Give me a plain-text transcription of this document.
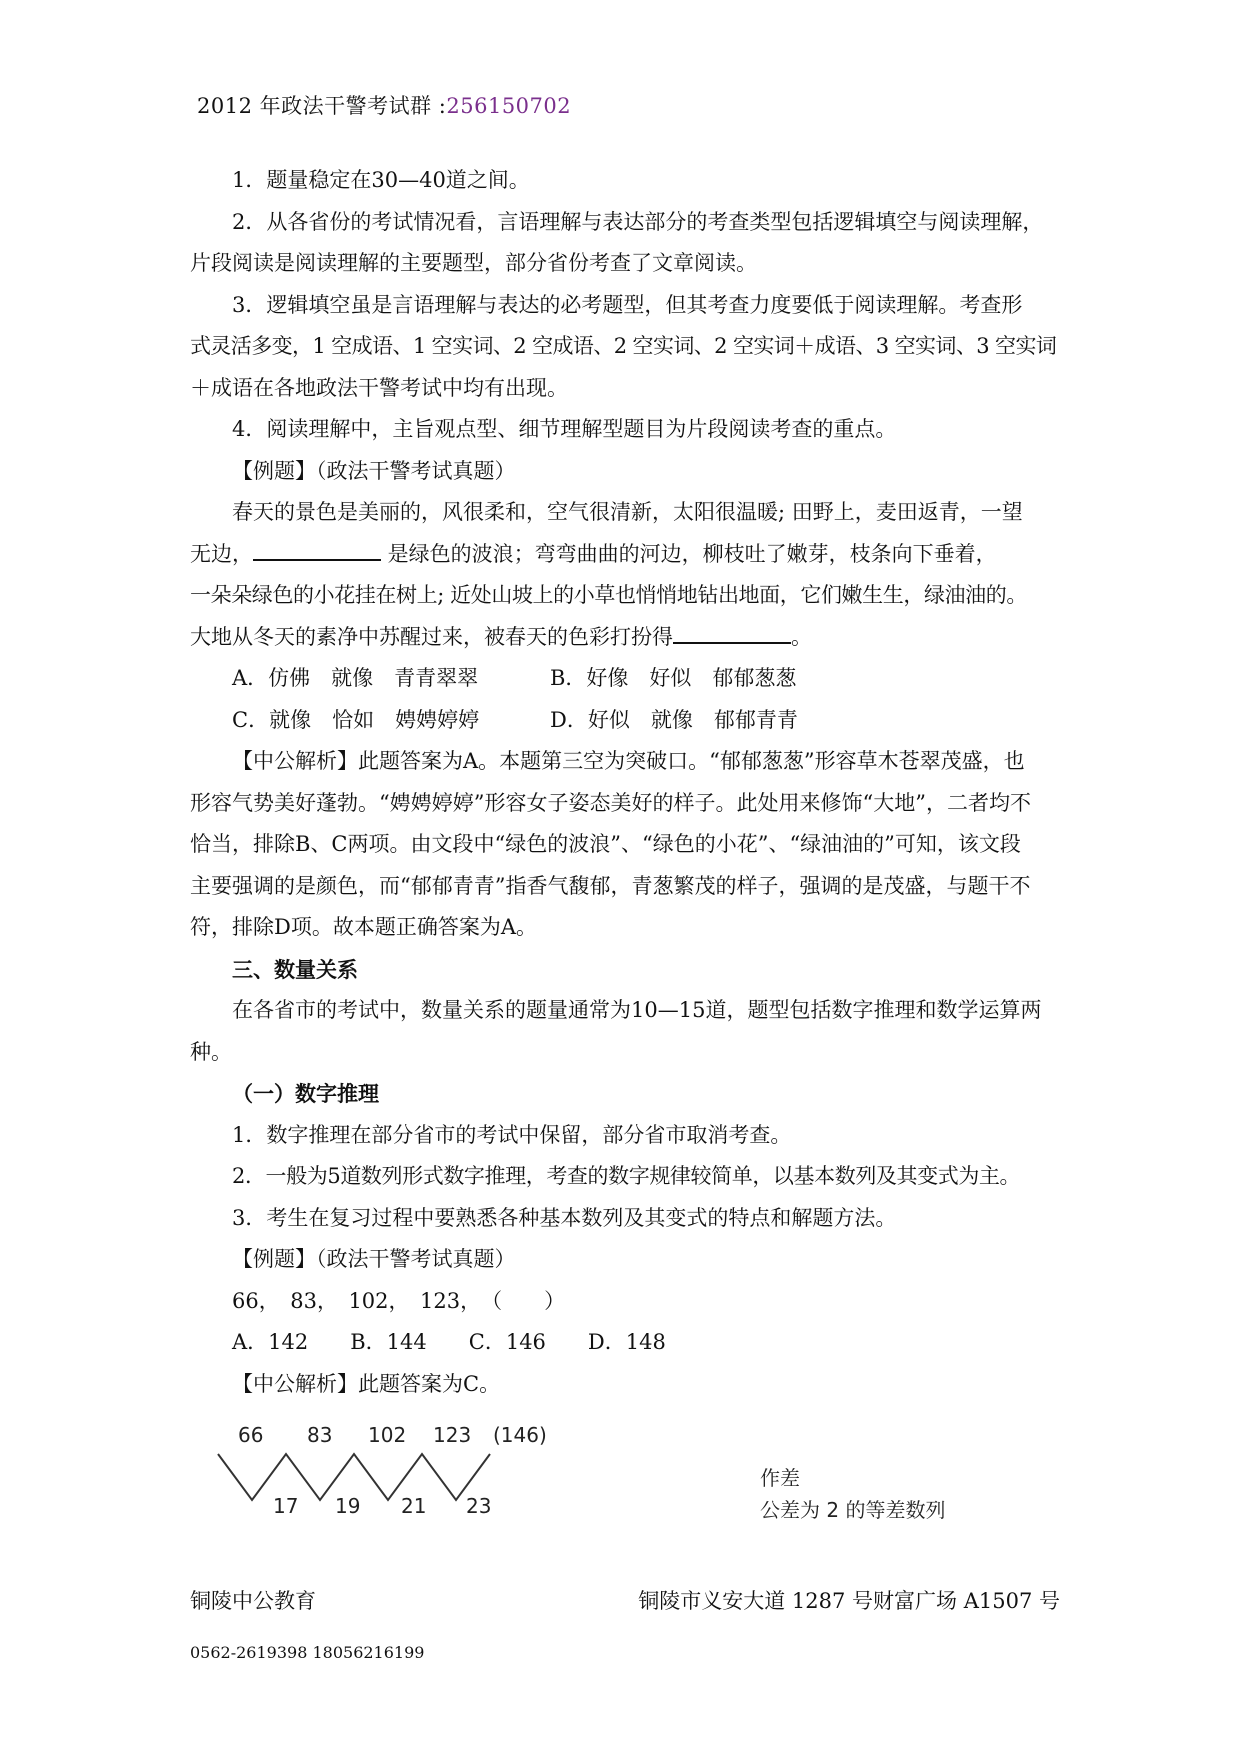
2012 年政法干警考试群 :256150702

1．题量稳定在30—40道之间。

2．从各省份的考试情况看，言语理解与表达部分的考查类型包括逻辑填空与阅读理解，

片段阅读是阅读理解的主要题型，部分省份考查了文章阅读。

3．逻辑填空虽是言语理解与表达的必考题型，但其考查力度要低于阅读理解。考查形

式灵活多变，1 空成语、1 空实词、2 空成语、2 空实词、2 空实词＋成语、3 空实词、3 空实词

＋成语在各地政法干警考试中均有出现。

4．阅读理解中，主旨观点型、细节理解型题目为片段阅读考查的重点。

【例题】（政法干警考试真题）

春天的景色是美丽的，风很柔和，空气很清新，太阳很温暖; 田野上，麦田返青，一望

无边，	是绿色的波浪；弯弯曲曲的河边，柳枝吐了嫩芽，枝条向下垂着，

一朵朵绿色的小花挂在树上; 近处山坡上的小草也悄悄地钻出地面，它们嫩生生，绿油油的。

大地从冬天的素净中苏醒过来，被春天的色彩打扮得	。

A．仿佛　就像　青青翠翠	B．好像　好似　郁郁葱葱

C．就像　恰如　娉娉婷婷	D．好似　就像　郁郁青青

【中公解析】此题答案为A。本题第三空为突破口。“郁郁葱葱”形容草木苍翠茂盛，也

形容气势美好蓬勃。“娉娉婷婷”形容女子姿态美好的样子。此处用来修饰“大地”，二者均不

恰当，排除B、C两项。由文段中“绿色的波浪”、“绿色的小花”、“绿油油的”可知，该文段

主要强调的是颜色，而“郁郁青青”指香气馥郁，青葱繁茂的样子，强调的是茂盛，与题干不

符，排除D项。故本题正确答案为A。

三、数量关系

在各省市的考试中，数量关系的题量通常为10—15道，题型包括数字推理和数学运算两

种。

（一）数字推理

1．数字推理在部分省市的考试中保留，部分省市取消考查。

2．一般为5道数列形式数字推理，考查的数字规律较简单，以基本数列及其变式为主。

3．考生在复习过程中要熟悉各种基本数列及其变式的特点和解题方法。

【例题】（政法干警考试真题）

66，　83，　102，　123，　（　　）

A．142　　B．144　　C．146　　D．148

【中公解析】此题答案为C。

66 83 102 123 (146)
17 19 21 23
作差
公差为 2 的等差数列
铜陵中公教育	铜陵市义安大道 1287 号财富广场 A1507 号
0562-2619398 18056216199
